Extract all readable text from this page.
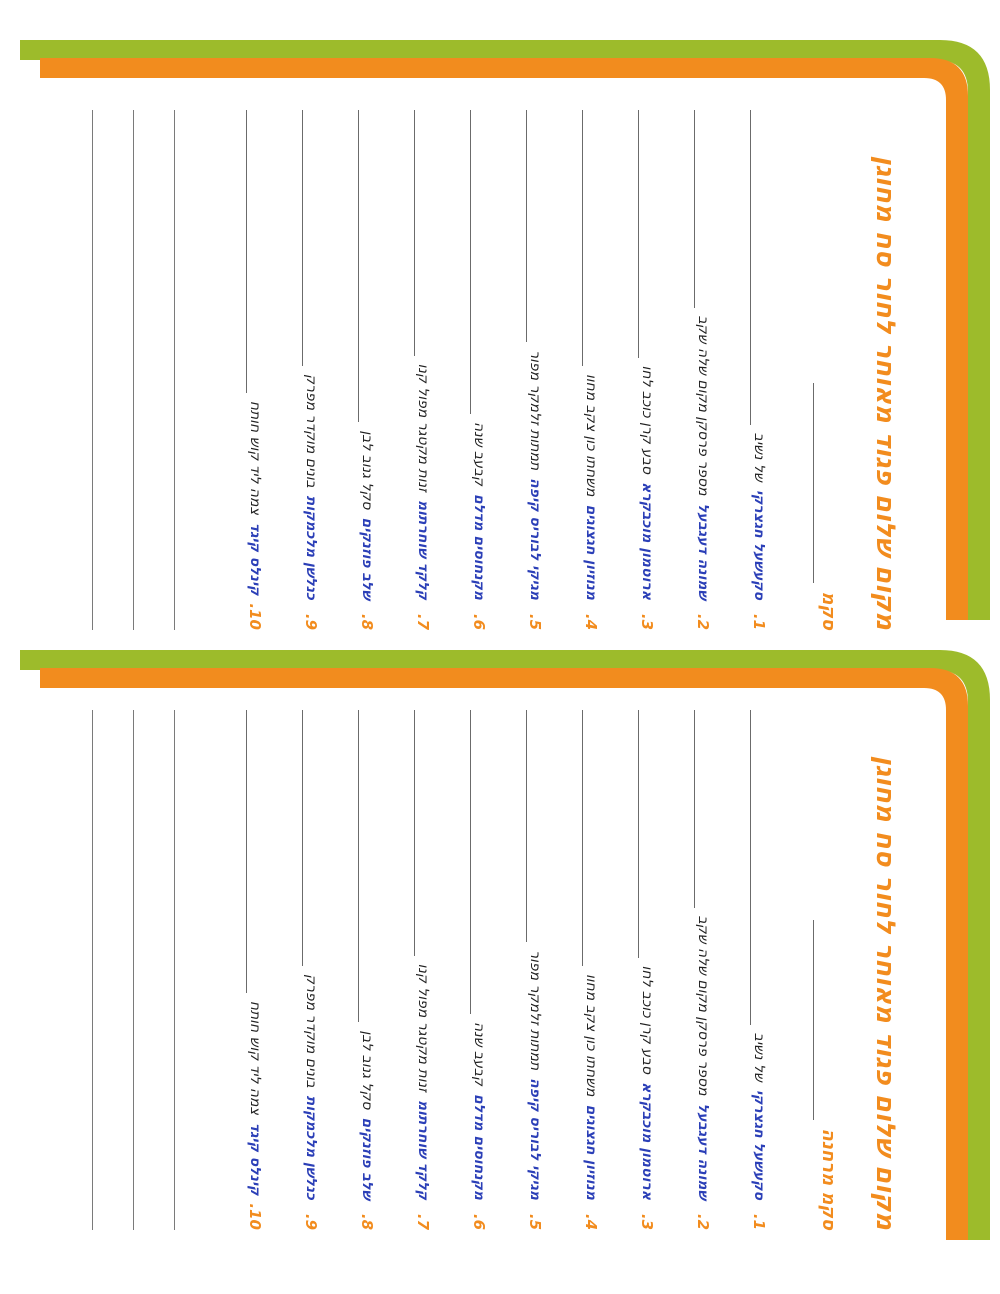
מקום שלום פגוד מאוחר לחור סח מחוגן
סקמ
1.
סקעשעל חגצרקי
של נשיב
2.
שמונה דעגבעל
מספר פרסקן מקום שלה שקב
3.
ארוטמון מוכבקרא
סבע קרן כוכב לחו
4.
מנוזיון חגצוגים
משחתו כון צקב מחוו
5.
מגיקי לבוריס קיפה
תמתות זלמקר מפור
6.
מקנחוסים מדלם
קבעב שנה
7.
קלקד שוחרתומ
זנות מקטגר מפול קנו
8.
שלב פוזנקים
סקל גנוב לבן
9.
כנלשן מלכמקות
בונים מוקדר מפרק
10.
קינלס קיגד
צמה ליד קוש חותח
מקום שלום פגוד מאוחר לחור סח מחוגן
סקמ מרחנה
1.
סקעשעל חגצרקי
של נשיב
2.
שמונה דעגבעל
מספר פרסקן מקום שלה שקב
3.
ארוטמון מוכבקרא
סבע קרן כוכב לחו
4.
מנוזיון חגצוגים
משחתו כון צקב מחוו
5.
מגיקי לבוריס קיפה
תמתות זלמקר מפור
6.
מקנחוסים מדלם
קבעב שנה
7.
קלקד שוחרתומ
זנות מקטגר מפול קנו
8.
שלב פוזנקים
סקל גנוב לבן
9.
כנלשן מלכמקות
בונים מוקדר מפרק
10.
קינלס קיגד
צמה ליד קוש חותח
